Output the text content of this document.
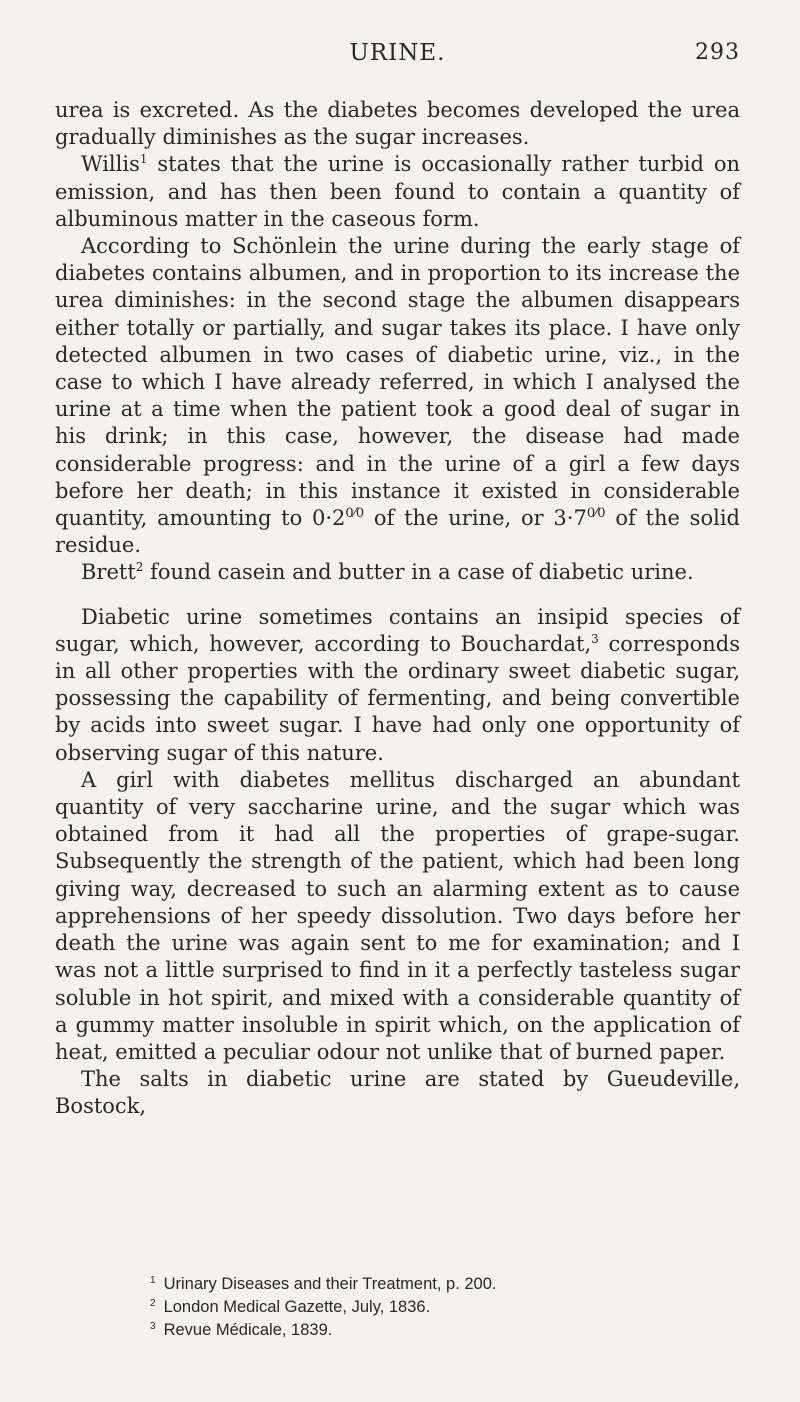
URINE.	293

urea is excreted. As the diabetes becomes developed the urea gradually diminishes as the sugar increases.

Willis$^1$ states that the urine is occasionally rather turbid on emission, and has then been found to contain a quantity of albuminous matter in the caseous form.

According to Schönlein the urine during the early stage of diabetes contains albumen, and in proportion to its increase the urea diminishes: in the second stage the albumen disappears either totally or partially, and sugar takes its place. I have only detected albumen in two cases of diabetic urine, viz., in the case to which I have already referred, in which I analysed the urine at a time when the patient took a good deal of sugar in his drink; in this case, however, the disease had made considerable progress: and in the urine of a girl a few days before her death; in this instance it existed in considerable quantity, amounting to $0\cdot 2^{0⁄0}$ of the urine, or $3\cdot 7^{0⁄0}$ of the solid residue.

Brett$^2$ found casein and butter in a case of diabetic urine.

Diabetic urine sometimes contains an insipid species of sugar, which, however, according to Bouchardat,$^3$ corresponds in all other properties with the ordinary sweet diabetic sugar, possessing the capability of fermenting, and being convertible by acids into sweet sugar. I have had only one opportunity of observing sugar of this nature.

A girl with diabetes mellitus discharged an abundant quantity of very saccharine urine, and the sugar which was obtained from it had all the properties of grape-sugar. Subsequently the strength of the patient, which had been long giving way, decreased to such an alarming extent as to cause apprehensions of her speedy dissolution. Two days before her death the urine was again sent to me for examination; and I was not a little surprised to find in it a perfectly tasteless sugar soluble in hot spirit, and mixed with a considerable quantity of a gummy matter insoluble in spirit which, on the application of heat, emitted a peculiar odour not unlike that of burned paper.

The salts in diabetic urine are stated by Gueudeville, Bostock,

$^1$ Urinary Diseases and their Treatment, p. 200.

$^2$ London Medical Gazette, July, 1836.

$^3$ Revue Médicale, 1839.
